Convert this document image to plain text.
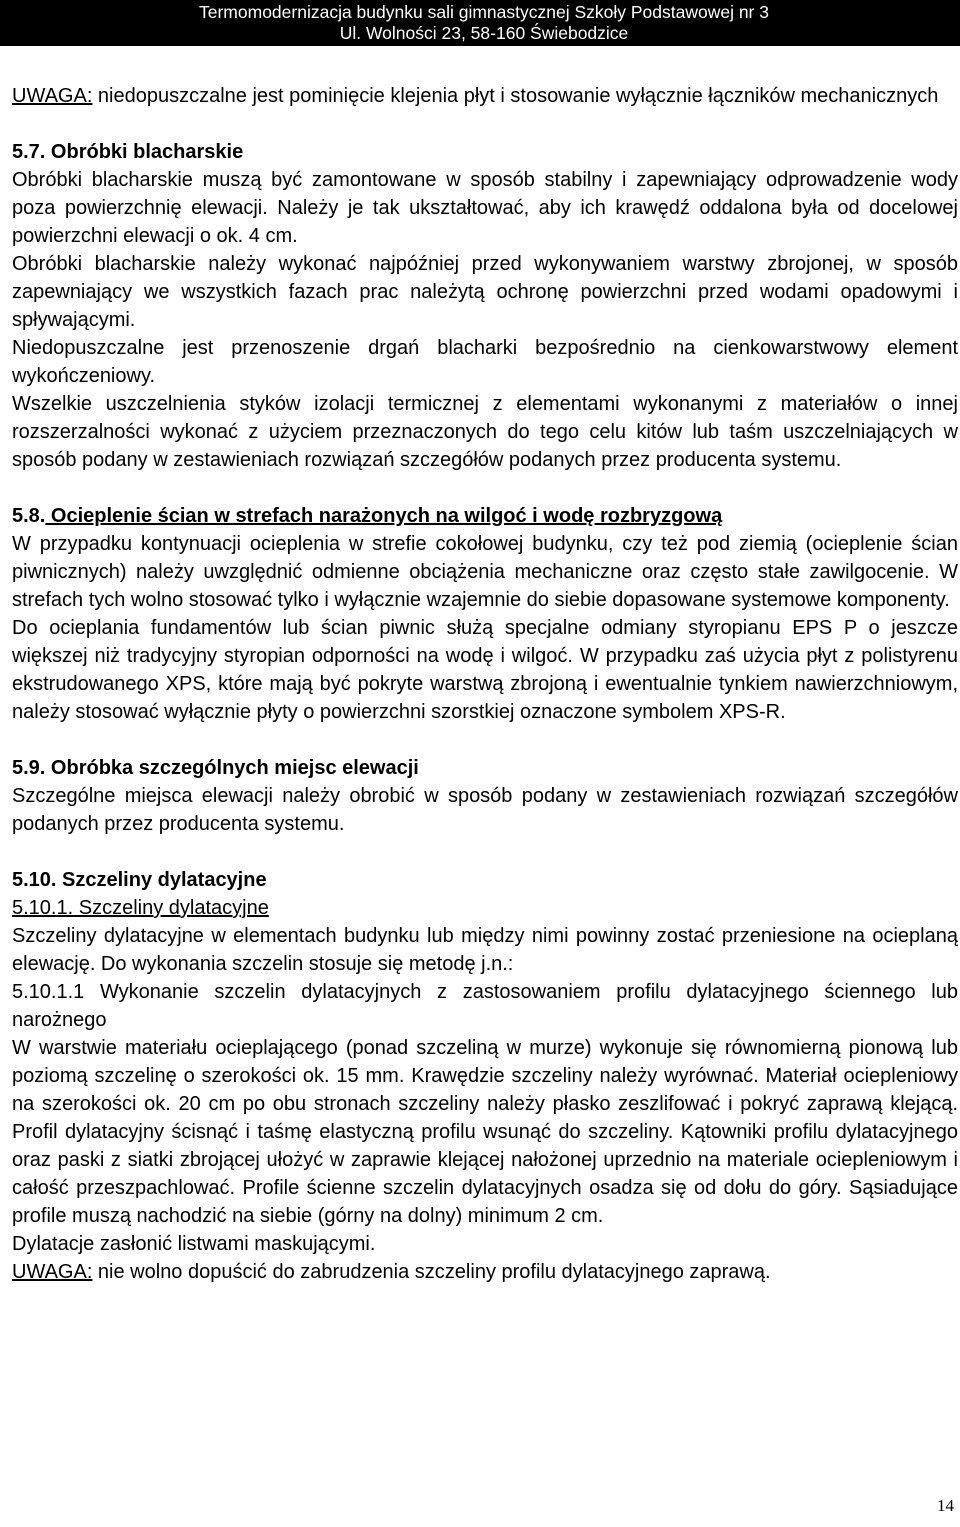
Termomodernizacja budynku sali gimnastycznej Szkoły Podstawowej nr 3
Ul. Wolności 23, 58-160 Świebodzice

UWAGA: niedopuszczalne jest pominięcie klejenia płyt i stosowanie wyłącznie łączników mechanicznych

5.7. Obróbki blacharskie

Obróbki blacharskie muszą być zamontowane w sposób stabilny i zapewniający odprowadzenie wody poza powierzchnię elewacji. Należy je tak ukształtować, aby ich krawędź oddalona była od docelowej powierzchni elewacji o ok. 4 cm.

Obróbki blacharskie należy wykonać najpóźniej przed wykonywaniem warstwy zbrojonej, w sposób zapewniający we wszystkich fazach prac należytą ochronę powierzchni przed wodami opadowymi i spływającymi.

Niedopuszczalne jest przenoszenie drgań blacharki bezpośrednio na cienkowarstwowy element wykończeniowy.

Wszelkie uszczelnienia styków izolacji termicznej z elementami wykonanymi z materiałów o innej rozszerzalności wykonać z użyciem przeznaczonych do tego celu kitów lub taśm uszczelniających w sposób podany w zestawieniach rozwiązań szczegółów podanych przez producenta systemu.

5.8. Ocieplenie ścian w strefach narażonych na wilgoć i wodę rozbryzgową

W przypadku kontynuacji ocieplenia w strefie cokołowej budynku, czy też pod ziemią (ocieplenie ścian piwnicznych) należy uwzględnić odmienne obciążenia mechaniczne oraz często stałe zawilgocenie. W strefach tych wolno stosować tylko i wyłącznie wzajemnie do siebie dopasowane systemowe komponenty.

Do ocieplania fundamentów lub ścian piwnic służą specjalne odmiany styropianu EPS P o jeszcze większej niż tradycyjny styropian odporności na wodę i wilgoć. W przypadku zaś użycia płyt z polistyrenu ekstrudowanego XPS, które mają być pokryte warstwą zbrojoną i ewentualnie tynkiem nawierzchniowym, należy stosować wyłącznie płyty o powierzchni szorstkiej oznaczone symbolem XPS-R.

5.9. Obróbka szczególnych miejsc elewacji

Szczególne miejsca elewacji należy obrobić w sposób podany w zestawieniach rozwiązań szczegółów podanych przez producenta systemu.

5.10. Szczeliny dylatacyjne

5.10.1. Szczeliny dylatacyjne

Szczeliny dylatacyjne w elementach budynku lub między nimi powinny zostać przeniesione na ocieplaną elewację. Do wykonania szczelin stosuje się metodę j.n.:

5.10.1.1 Wykonanie szczelin dylatacyjnych z zastosowaniem profilu dylatacyjnego ściennego lub narożnego

W warstwie materiału ocieplającego (ponad szczeliną w murze) wykonuje się równomierną pionową lub poziomą szczelinę o szerokości ok. 15 mm. Krawędzie szczeliny należy wyrównać. Materiał ociepleniowy na szerokości ok. 20 cm po obu stronach szczeliny należy płasko zeszlifować i pokryć zaprawą klejącą. Profil dylatacyjny ścisnąć i taśmę elastyczną profilu wsunąć do szczeliny. Kątowniki profilu dylatacyjnego oraz paski z siatki zbrojącej ułożyć w zaprawie klejącej nałożonej uprzednio na materiale ociepleniowym i całość przeszpachlować. Profile ścienne szczelin dylatacyjnych osadza się od dołu do góry. Sąsiadujące profile muszą nachodzić na siebie (górny na dolny) minimum 2 cm.

Dylatacje zasłonić listwami maskującymi.

UWAGA: nie wolno dopuścić do zabrudzenia szczeliny profilu dylatacyjnego zaprawą.

14
